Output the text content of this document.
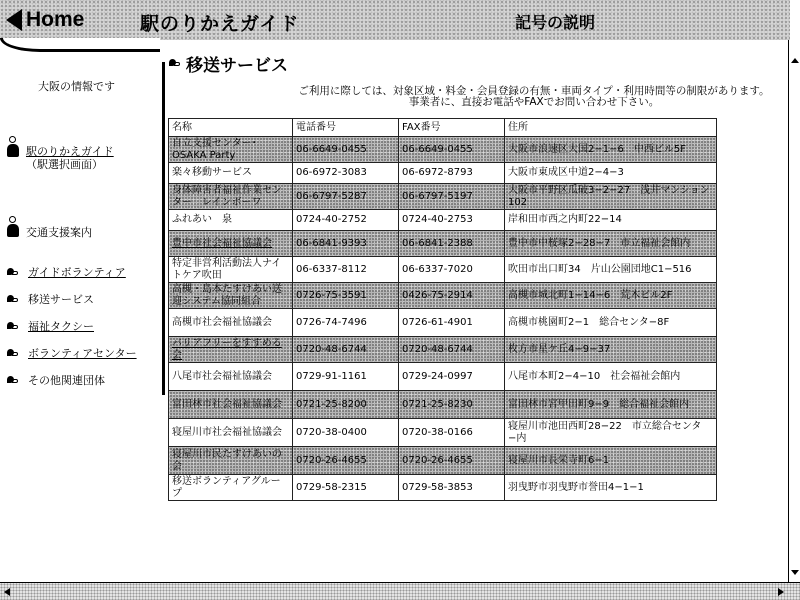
Home	駅のりかえガイド	記号の説明
大阪の情報です
駅のりかえガイド
（駅選択画面）
交通支援案内
ガイドボランティア
移送サービス
福祉タクシー
ボランティアセンター
その他関連団体
移送サービス
ご利用に際しては、対象区域・料金・会員登録の有無・車両タイプ・利用時間等の制限があります。
事業者に、直接お電話やFAXでお問い合わせ下さい。
名称	電話番号	FAX番号	住所
自立支援センター･OSAKA Party	06-6649-0455	06-6649-0455	大阪市浪速区大国2−1−6　中西ビル5F
楽々移動サービス	06-6972-3083	06-6972-8793	大阪市東成区中道2−4−3
身体障害者福祉作業センター　レインボーワ	06-6797-5287	06-6797-5197	大阪市平野区瓜破3−2−27　浅井マンション102
ふれあい　泉	0724-40-2752	0724-40-2753	岸和田市西之内町22−14
豊中市社会福祉協議会	06-6841-9393	06-6841-2388	豊中市中桜塚2−28−7　市立福祉会館内
特定非営利活動法人ナイトケア吹田	06-6337-8112	06-6337-7020	吹田市出口町34　片山公園団地C1−516
高槻・島本たすけあい送迎システム協同組合	0726-75-3591	0426-75-2914	高槻市城北町1−14−6　荒木ビル2F
高槻市社会福祉協議会	0726-74-7496	0726-61-4901	高槻市桃園町2−1　総合センタ−8F
バリアフリーをすすめる会	0720-48-6744	0720-48-6744	枚方市星ケ丘4−9−37
八尾市社会福祉協議会	0729-91-1161	0729-24-0997	八尾市本町2−4−10　社会福祉会館内
富田林市社会福祉協議会	0721-25-8200	0721-25-8230	富田林市宮甲田町9−9　総合福祉会館内
寝屋川市社会福祉協議会	0720-38-0400	0720-38-0166	寝屋川市池田西町28−22　市立総合センタ−内
寝屋川市民たすけあいの会	0720-26-4655	0720-26-4655	寝屋川市長栄寺町6−1
移送ボランティアグループ	0729-58-2315	0729-58-3853	羽曳野市羽曳野市誉田4−1−1
